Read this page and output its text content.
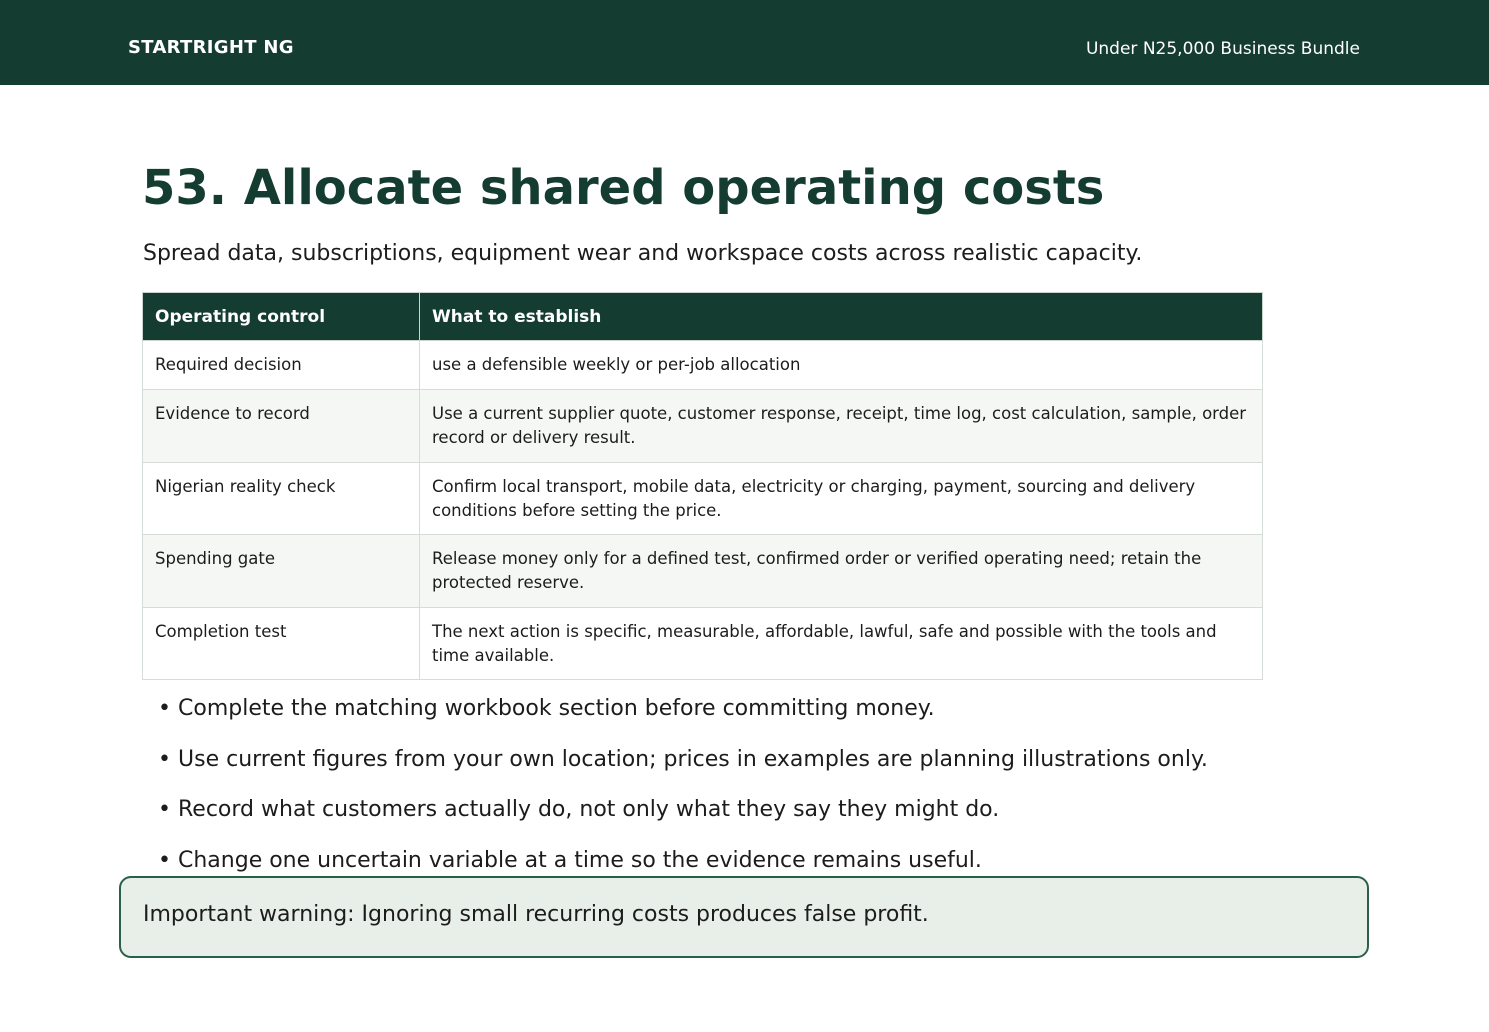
STARTRIGHT NG	Under N25,000 Business Bundle
53. Allocate shared operating costs

Spread data, subscriptions, equipment wear and workspace costs across realistic capacity.

Operating control	What to establish
Required decision	use a defensible weekly or per-job allocation
Evidence to record	Use a current supplier quote, customer response, receipt, time log, cost calculation, sample, order record or delivery result.
Nigerian reality check	Confirm local transport, mobile data, electricity or charging, payment, sourcing and delivery conditions before setting the price.
Spending gate	Release money only for a defined test, confirmed order or verified operating need; retain the protected reserve.
Completion test	The next action is specific, measurable, affordable, lawful, safe and possible with the tools and time available.
• Complete the matching workbook section before committing money.
• Use current figures from your own location; prices in examples are planning illustrations only.
• Record what customers actually do, not only what they say they might do.
• Change one uncertain variable at a time so the evidence remains useful.
Important warning: Ignoring small recurring costs produces false profit.
